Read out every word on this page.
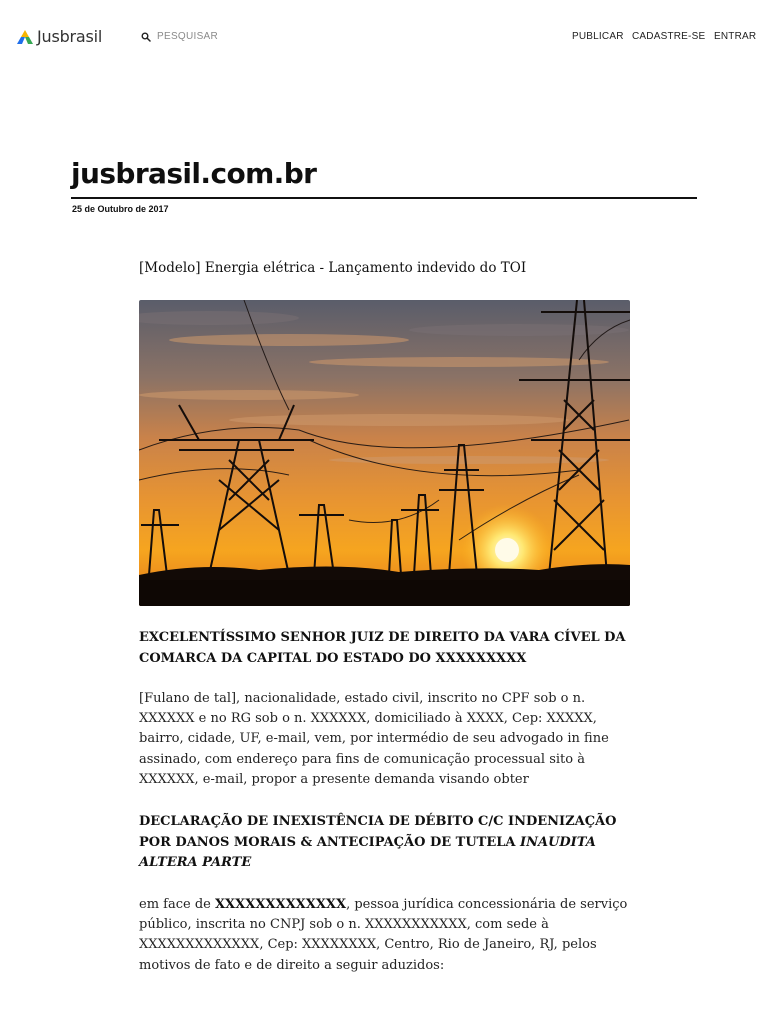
Jusbrasil	PESQUISAR	PUBLICAR CADASTRE-SE ENTRAR
jusbrasil.com.br
25 de Outubro de 2017
[Modelo] Energia elétrica - Lançamento indevido do TOI

EXCELENTÍSSIMO SENHOR JUIZ DE DIREITO DA VARA CÍVEL DA COMARCA DA CAPITAL DO ESTADO DO XXXXXXXXX

[Fulano de tal], nacionalidade, estado civil, inscrito no CPF sob o n. XXXXXX e no RG sob o n. XXXXXX, domiciliado à XXXX, Cep: XXXXX, bairro, cidade, UF, e-mail, vem, por intermédio de seu advogado in fine assinado, com endereço para fins de comunicação processual sito à XXXXXX, e-mail, propor a presente demanda visando obter

DECLARAÇÃO DE INEXISTÊNCIA DE DÉBITO C/C INDENIZAÇÃO POR DANOS MORAIS & ANTECIPAÇÃO DE TUTELA INAUDITA ALTERA PARTE

em face de XXXXXXXXXXXXX, pessoa jurídica concessionária de serviço público, inscrita no CNPJ sob o n. XXXXXXXXXXX, com sede à XXXXXXXXXXXXX, Cep: XXXXXXXX, Centro, Rio de Janeiro, RJ, pelos motivos de fato e de direito a seguir aduzidos:
